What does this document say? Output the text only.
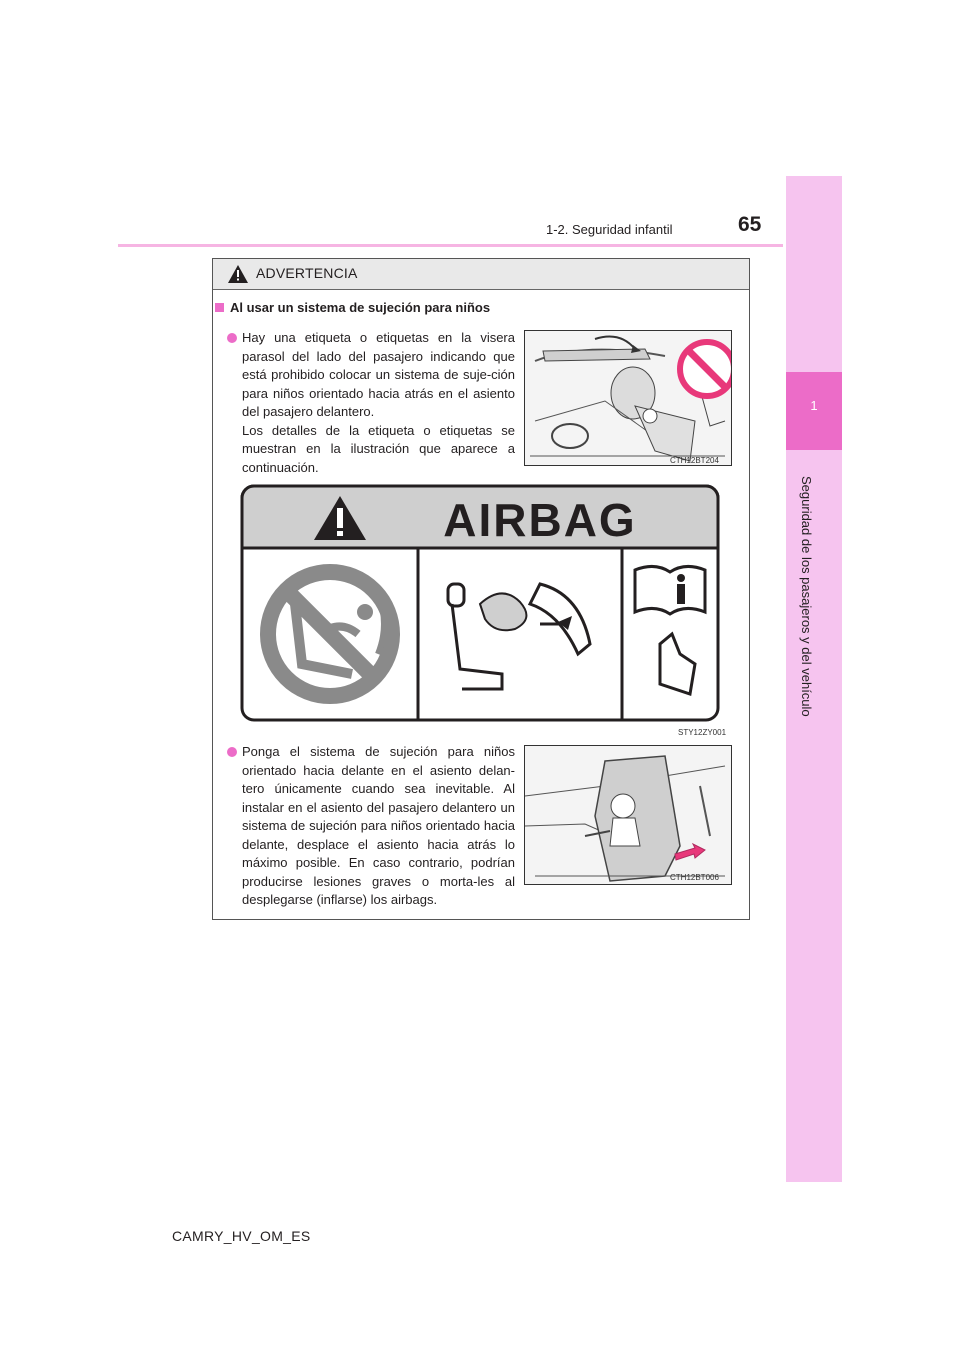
1
Seguridad de los pasajeros y del vehículo
1-2. Seguridad infantil	65
ADVERTENCIA
Al usar un sistema de sujeción para niños

Hay una etiqueta o etiquetas en la visera parasol del lado del pasajero indicando que está prohibido colocar un sistema de suje-ción para niños orientado hacia atrás en el asiento del pasajero delantero.

Los detalles de la etiqueta o etiquetas se muestran en la ilustración que aparece a continuación.	CTH12BT204
AIRBAG
STY12ZY001

Ponga el sistema de sujeción para niños orientado hacia delante en el asiento delan-tero únicamente cuando sea inevitable. Al instalar en el asiento del pasajero delantero un sistema de sujeción para niños orientado hacia delante, desplace el asiento hacia atrás lo máximo posible. En caso contrario, podrían producirse lesiones graves o morta-les al desplegarse (inflarse) los airbags.

CTH12BT006
CAMRY_HV_OM_ES
